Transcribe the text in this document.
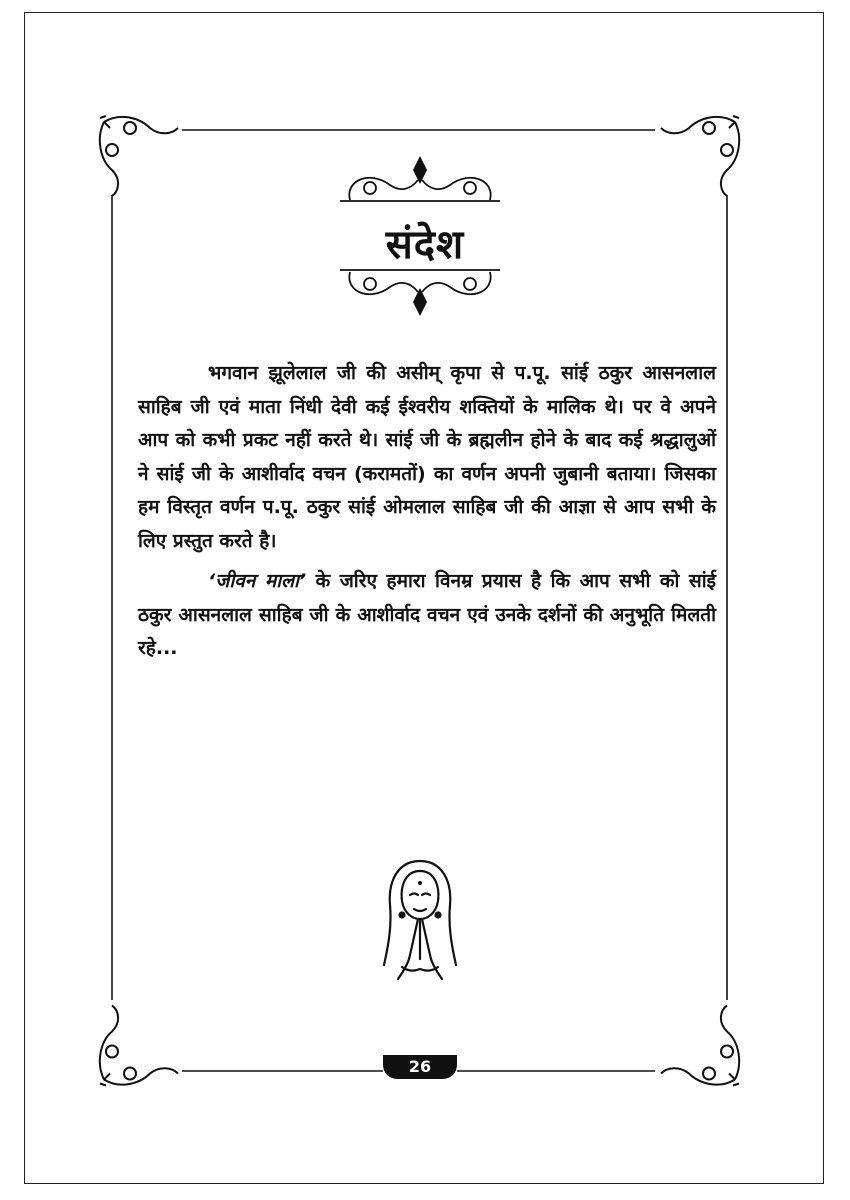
संदेश

भगवान झूलेलाल जी की असीम् कृपा से प.पू. सांई ठकुर आसनलाल साहिब जी एवं माता निंधी देवी कई ईश्वरीय शक्तियों के मालिक थे। पर वे अपने आप को कभी प्रकट नहीं करते थे। सांई जी के ब्रह्मलीन होने के बाद कई श्रद्धालुओं ने सांई जी के आशीर्वाद वचन (करामतों) का वर्णन अपनी जुबानी बताया। जिसका हम विस्तृत वर्णन प.पू. ठकुर सांई ओमलाल साहिब जी की आज्ञा से आप सभी के लिए प्रस्तुत करते है।

‘जीवन माला’ के जरिए हमारा विनम्र प्रयास है कि आप सभी को सांई ठकुर आसनलाल साहिब जी के आशीर्वाद वचन एवं उनके दर्शनों की अनुभूति मिलती रहे...

26
